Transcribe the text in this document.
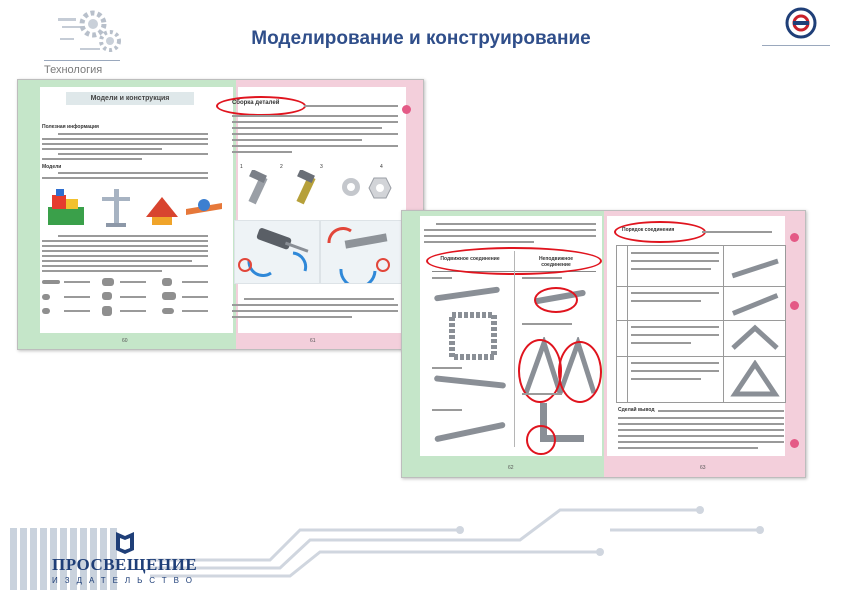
Моделирование и конструирование
Технология
Модели и конструкция
Полезная информация
Модели
Сборка деталей
1	2	3	4
60	61
Подвижное соединение	Неподвижное соединение
Порядок соединения
Сделай вывод
62	63
ПРОСВЕЩЕНИЕ
ИЗДАТЕЛЬСТВО
